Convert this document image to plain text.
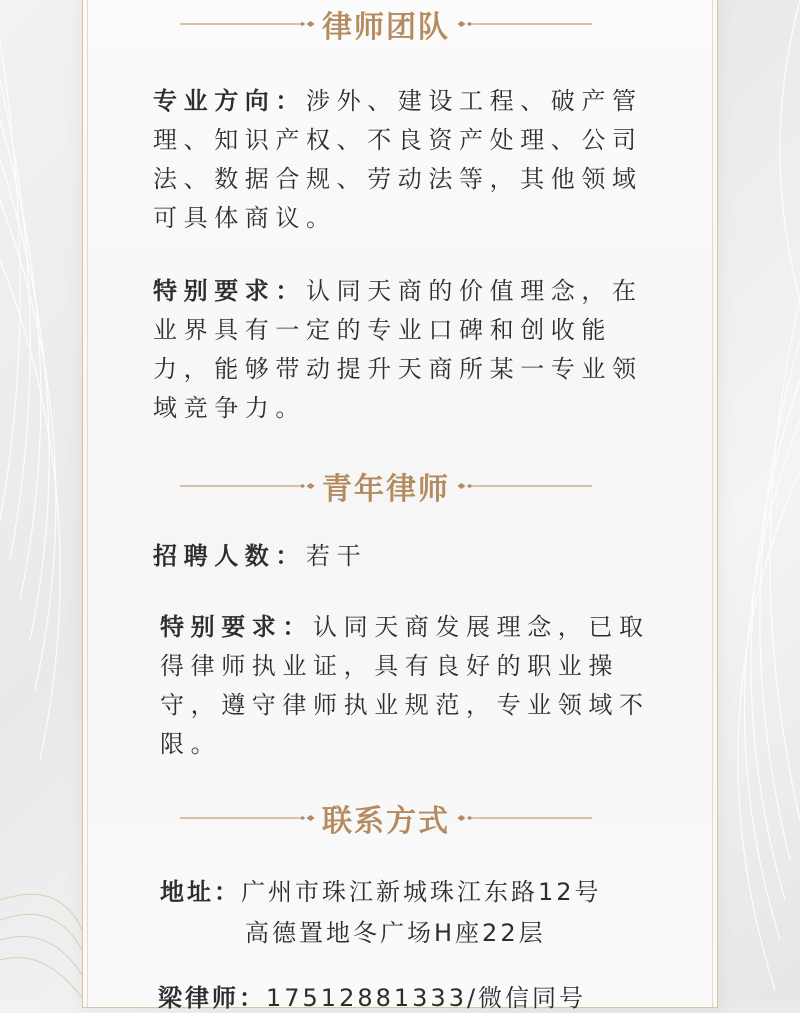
律师团队

专业方向：涉外、建设工程、破产管理、知识产权、不良资产处理、公司法、数据合规、劳动法等，其他领域可具体商议。

特别要求：认同天商的价值理念，在业界具有一定的专业口碑和创收能力，能够带动提升天商所某一专业领域竞争力。

青年律师

招聘人数：若干

特别要求：认同天商发展理念，已取得律师执业证，具有良好的职业操守，遵守律师执业规范，专业领域不限。

联系方式
地址：广州市珠江新城珠江东路12号
高德置地冬广场H座22层
梁律师：17512881333/微信同号
